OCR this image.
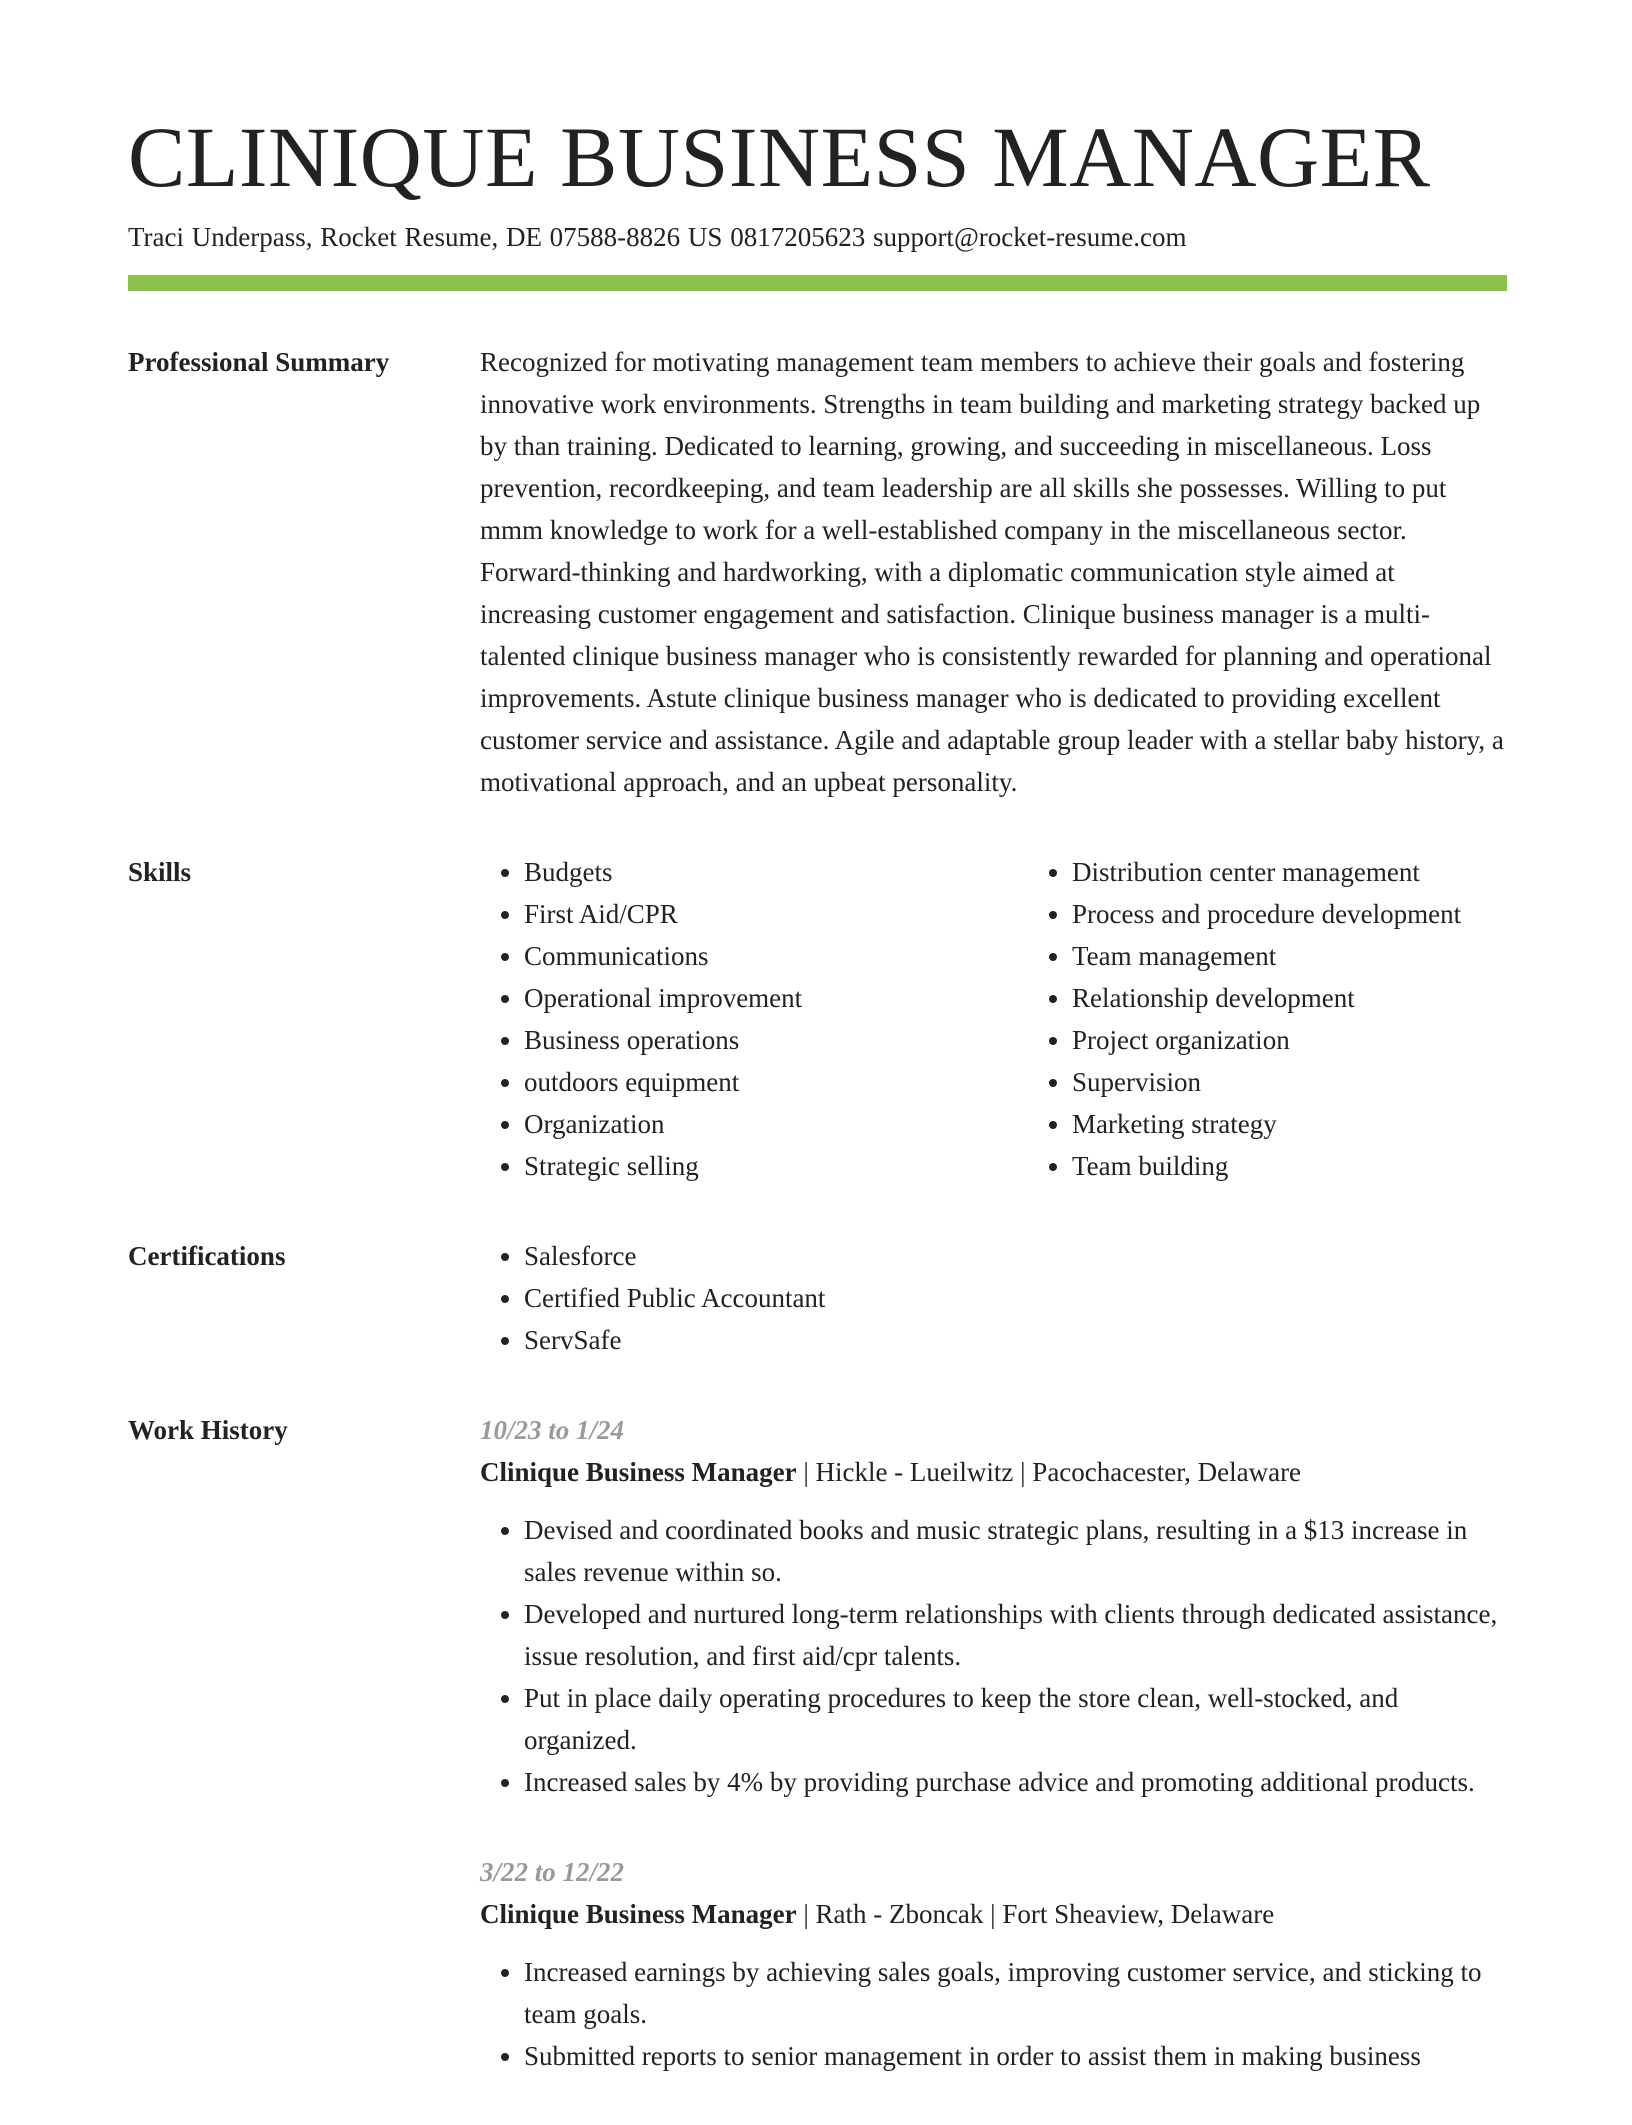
CLINIQUE BUSINESS MANAGER
Traci Underpass, Rocket Resume, DE 07588-8826 US 0817205623 support@rocket-resume.com
Professional Summary	Recognized for motivating management team members to achieve their goals and fostering innovative work environments. Strengths in team building and marketing strategy backed up by than training. Dedicated to learning, growing, and succeeding in miscellaneous. Loss prevention, recordkeeping, and team leadership are all skills she possesses. Willing to put mmm knowledge to work for a well-established company in the miscellaneous sector. Forward-thinking and hardworking, with a diplomatic communication style aimed at increasing customer engagement and satisfaction. Clinique business manager is a multi-talented clinique business manager who is consistently rewarded for planning and operational improvements. Astute clinique business manager who is dedicated to providing excellent customer service and assistance. Agile and adaptable group leader with a stellar baby history, a motivational approach, and an upbeat personality.

Skills	• Budgets
• First Aid/CPR
• Communications
• Operational improvement
• Business operations
• outdoors equipment
• Organization
• Strategic selling
• Distribution center management
• Process and procedure development
• Team management
• Relationship development
• Project organization
• Supervision
• Marketing strategy
• Team building
Certifications	• Salesforce
• Certified Public Accountant
• ServSafe
Work History	10/23 to 1/24
Clinique Business Manager | Hickle - Lueilwitz | Pacochacester, Delaware
• Devised and coordinated books and music strategic plans, resulting in a $13 increase in sales revenue within so.
• Developed and nurtured long-term relationships with clients through dedicated assistance, issue resolution, and first aid/cpr talents.
• Put in place daily operating procedures to keep the store clean, well-stocked, and organized.
• Increased sales by 4% by providing purchase advice and promoting additional products.
3/22 to 12/22
Clinique Business Manager | Rath - Zboncak | Fort Sheaview, Delaware
• Increased earnings by achieving sales goals, improving customer service, and sticking to team goals.
• Submitted reports to senior management in order to assist them in making business
